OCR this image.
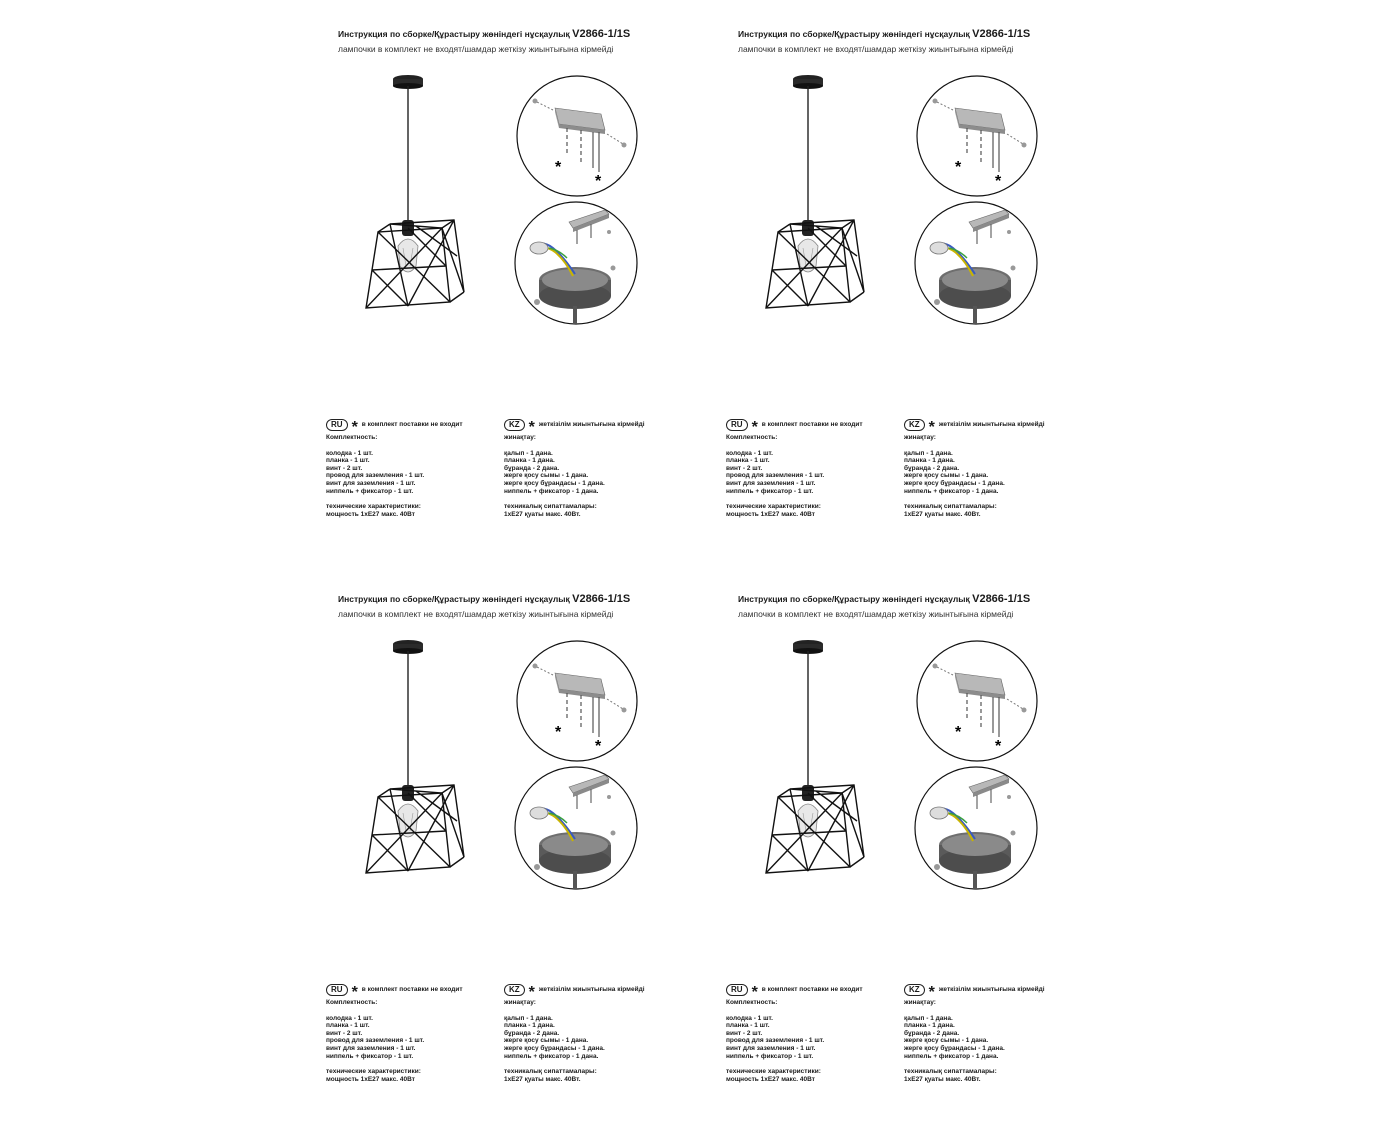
Инструкция по сборке/Құрастыру жөніндегі нұсқаулық V2866-1/1S
лампочки в комплект не входят/шамдар жеткізу жиынтығына кірмейді
*
*
RU * в комплект поставки не входит
Комплектность:
колодка - 1 шт.
планка - 1 шт.
винт - 2 шт.
провод для заземления - 1 шт.
винт для заземления - 1 шт.
ниппель + фиксатор - 1 шт.
технические характеристики:
мощность 1хЕ27 макс. 40Вт
KZ * жеткізілім жиынтығына кірмейді
жинақтау:
қалып - 1 дана.
планка - 1 дана.
бұранда - 2 дана.
жерге қосу сымы - 1 дана.
жерге қосу бұрандасы - 1 дана.
ниппель + фиксатор - 1 дана.
техникалық сипаттамалары:
1хЕ27 қуаты макс. 40Вт.
Инструкция по сборке/Құрастыру жөніндегі нұсқаулық V2866-1/1S
лампочки в комплект не входят/шамдар жеткізу жиынтығына кірмейді
*
*
RU * в комплект поставки не входит
Комплектность:
колодка - 1 шт.
планка - 1 шт.
винт - 2 шт.
провод для заземления - 1 шт.
винт для заземления - 1 шт.
ниппель + фиксатор - 1 шт.
технические характеристики:
мощность 1хЕ27 макс. 40Вт
KZ * жеткізілім жиынтығына кірмейді
жинақтау:
қалып - 1 дана.
планка - 1 дана.
бұранда - 2 дана.
жерге қосу сымы - 1 дана.
жерге қосу бұрандасы - 1 дана.
ниппель + фиксатор - 1 дана.
техникалық сипаттамалары:
1хЕ27 қуаты макс. 40Вт.
Инструкция по сборке/Құрастыру жөніндегі нұсқаулық V2866-1/1S
лампочки в комплект не входят/шамдар жеткізу жиынтығына кірмейді
*
*
RU * в комплект поставки не входит
Комплектность:
колодка - 1 шт.
планка - 1 шт.
винт - 2 шт.
провод для заземления - 1 шт.
винт для заземления - 1 шт.
ниппель + фиксатор - 1 шт.
технические характеристики:
мощность 1хЕ27 макс. 40Вт
KZ * жеткізілім жиынтығына кірмейді
жинақтау:
қалып - 1 дана.
планка - 1 дана.
бұранда - 2 дана.
жерге қосу сымы - 1 дана.
жерге қосу бұрандасы - 1 дана.
ниппель + фиксатор - 1 дана.
техникалық сипаттамалары:
1хЕ27 қуаты макс. 40Вт.
Инструкция по сборке/Құрастыру жөніндегі нұсқаулық V2866-1/1S
лампочки в комплект не входят/шамдар жеткізу жиынтығына кірмейді
*
*
RU * в комплект поставки не входит
Комплектность:
колодка - 1 шт.
планка - 1 шт.
винт - 2 шт.
провод для заземления - 1 шт.
винт для заземления - 1 шт.
ниппель + фиксатор - 1 шт.
технические характеристики:
мощность 1хЕ27 макс. 40Вт
KZ * жеткізілім жиынтығына кірмейді
жинақтау:
қалып - 1 дана.
планка - 1 дана.
бұранда - 2 дана.
жерге қосу сымы - 1 дана.
жерге қосу бұрандасы - 1 дана.
ниппель + фиксатор - 1 дана.
техникалық сипаттамалары:
1хЕ27 қуаты макс. 40Вт.
